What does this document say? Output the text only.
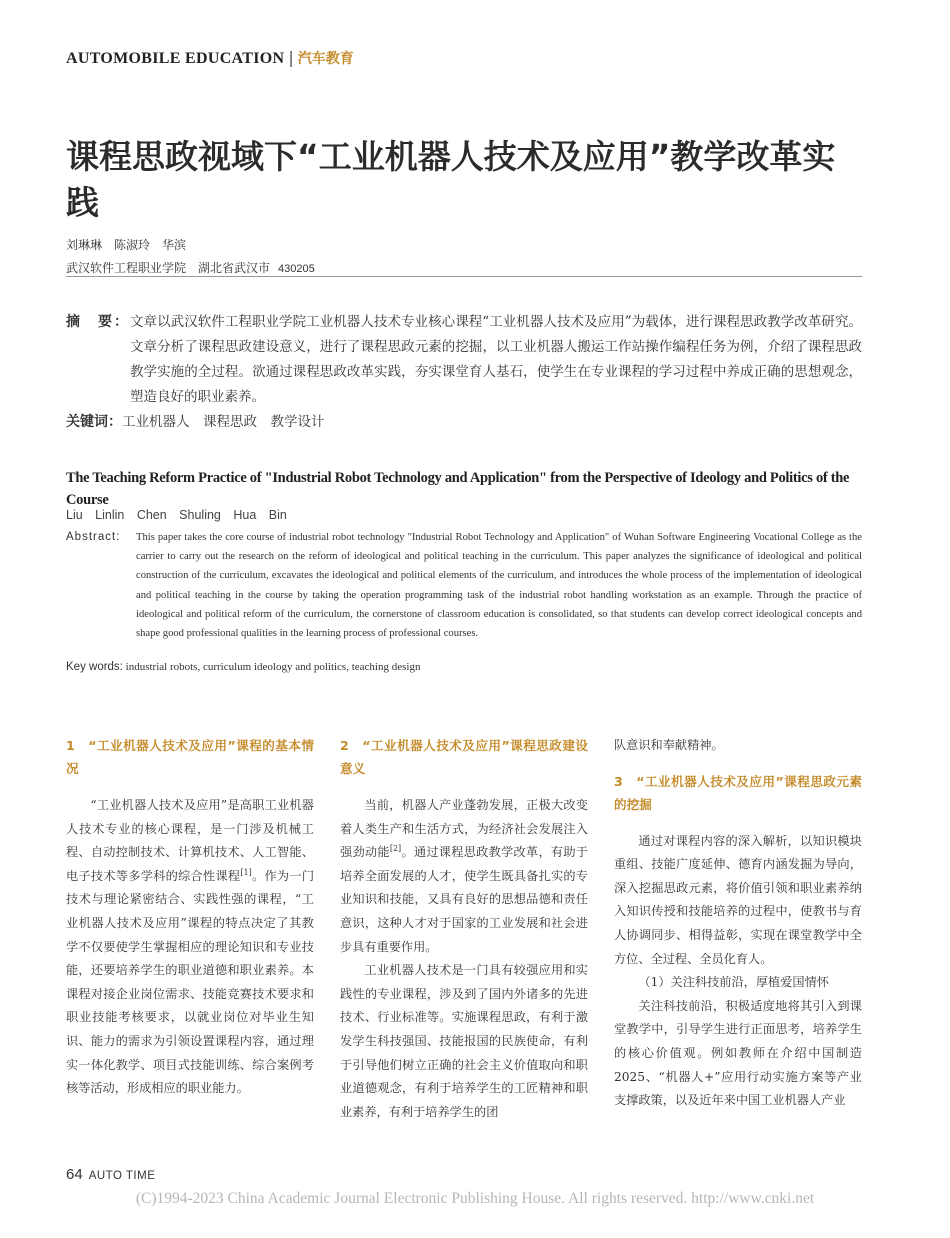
AUTOMOBILE EDUCATION | 汽车教育
课程思政视域下“工业机器人技术及应用”教学改革实践
刘琳琳　陈淑玲　华滨
武汉软件工程职业学院　湖北省武汉市 430205
摘　要： 文章以武汉软件工程职业学院工业机器人技术专业核心课程“工业机器人技术及应用”为载体，进行课程思政教学改革研究。文章分析了课程思政建设意义，进行了课程思政元素的挖掘，以工业机器人搬运工作站操作编程任务为例，介绍了课程思政教学实施的全过程。欲通过课程思政改革实践，夯实课堂育人基石，使学生在专业课程的学习过程中养成正确的思想观念，塑造良好的职业素养。
关键词：工业机器人　课程思政　教学设计
The Teaching Reform Practice of "Industrial Robot Technology and Application" from the Perspective of Ideology and Politics of the Course
Liu Linlin Chen Shuling Hua Bin
Abstract: This paper takes the core course of industrial robot technology "Industrial Robot Technology and Application" of Wuhan Software Engineering Vocational College as the carrier to carry out the research on the reform of ideological and political teaching in the curriculum. This paper analyzes the significance of ideological and political construction of the curriculum, excavates the ideological and political elements of the curriculum, and introduces the whole process of the implementation of ideological and political teaching in the course by taking the operation programming task of the industrial robot handling workstation as an example. Through the practice of ideological and political reform of the curriculum, the cornerstone of classroom education is consolidated, so that students can develop correct ideological concepts and shape good professional qualities in the learning process of professional courses.
Key words: industrial robots, curriculum ideology and politics, teaching design
1　“工业机器人技术及应用”课程的基本情况

“工业机器人技术及应用”是高职工业机器人技术专业的核心课程，是一门涉及机械工程、自动控制技术、计算机技术、人工智能、电子技术等多学科的综合性课程[1]。作为一门技术与理论紧密结合、实践性强的课程，“工业机器人技术及应用”课程的特点决定了其教学不仅要使学生掌握相应的理论知识和专业技能，还要培养学生的职业道德和职业素养。本课程对接企业岗位需求、技能竞赛技术要求和职业技能考核要求，以就业岗位对毕业生知识、能力的需求为引领设置课程内容，通过理实一体化教学、项目式技能训练、综合案例考核等活动，形成相应的职业能力。

2　“工业机器人技术及应用”课程思政建设意义

当前，机器人产业蓬勃发展，正极大改变着人类生产和生活方式，为经济社会发展注入强劲动能[2]。通过课程思政教学改革，有助于培养全面发展的人才，使学生既具备扎实的专业知识和技能，又具有良好的思想品德和责任意识，这种人才对于国家的工业发展和社会进步具有重要作用。

工业机器人技术是一门具有较强应用和实践性的专业课程，涉及到了国内外诸多的先进技术、行业标准等。实施课程思政，有利于激发学生科技强国、技能报国的民族使命，有利于引导他们树立正确的社会主义价值取向和职业道德观念，有利于培养学生的工匠精神和职业素养，有利于培养学生的团

队意识和奉献精神。

3　“工业机器人技术及应用”课程思政元素的挖掘

通过对课程内容的深入解析，以知识模块重组、技能广度延伸、德育内涵发掘为导向，深入挖掘思政元素，将价值引领和职业素养纳入知识传授和技能培养的过程中，使教书与育人协调同步、相得益彰，实现在课堂教学中全方位、全过程、全员化育人。

（1）关注科技前沿，厚植爱国情怀

关注科技前沿，积极适度地将其引入到课堂教学中，引导学生进行正面思考，培养学生的核心价值观。例如教师在介绍中国制造2025、“机器人+”应用行动实施方案等产业支撑政策，以及近年来中国工业机器人产业

64 AUTO TIME
(C)1994-2023 China Academic Journal Electronic Publishing House. All rights reserved. http://www.cnki.net
